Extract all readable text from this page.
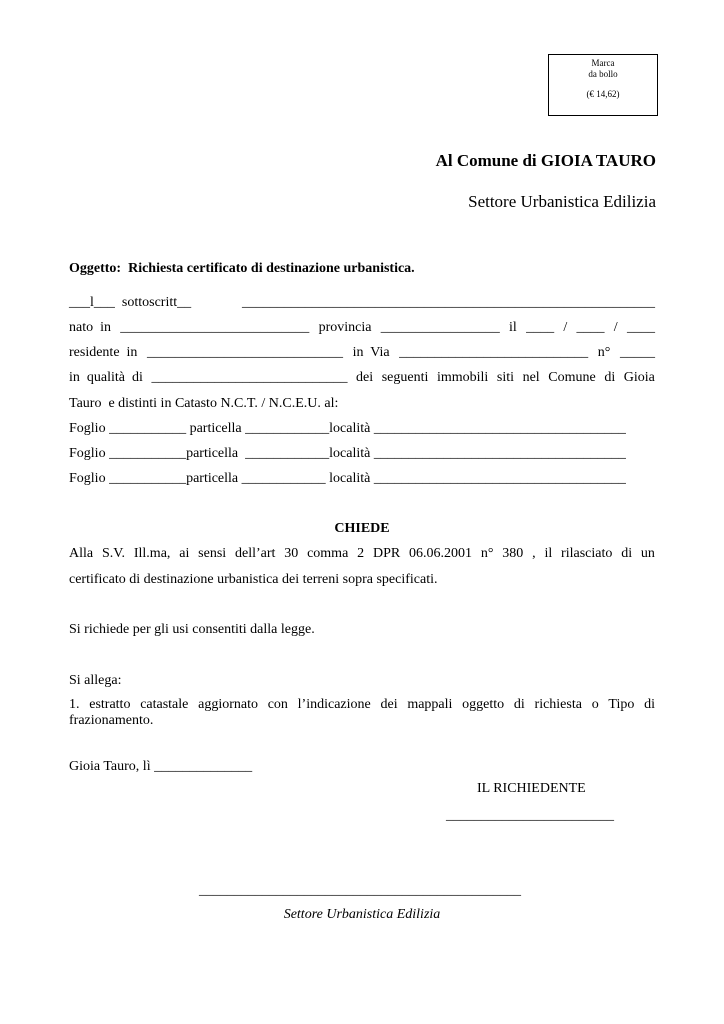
Marca
da bollo
(€ 14,62)
Al Comune di GIOIA TAURO
Settore Urbanistica Edilizia
Oggetto:  Richiesta certificato di destinazione urbanistica.
___l___  sottoscritt__	___________________________________________________________
nato  in ___________________________ provincia _________________ il ____ / ____ / ____
residente  in ____________________________ in  Via ___________________________ n° _____
in  qualità  di ____________________________ dei seguenti immobili siti nel Comune di Gioia
Tauro  e distinti in Catasto N.C.T. / N.C.E.U. al:
Foglio ___________ particella ____________località ____________________________________
Foglio ___________particella  ____________località ____________________________________
Foglio ___________particella ____________ località ____________________________________
CHIEDE
Alla S.V. Ill.ma, ai sensi dell’art 30 comma 2 DPR 06.06.2001 n° 380 , il rilasciato di un
certificato di destinazione urbanistica dei terreni sopra specificati.
Si richiede per gli usi consentiti dalla legge.
Si allega:
1. estratto catastale aggiornato con l’indicazione dei mappali oggetto di richiesta o Tipo di
frazionamento.
Gioia Tauro, lì ______________
IL RICHIEDENTE
________________________
______________________________________________
Settore Urbanistica Edilizia
